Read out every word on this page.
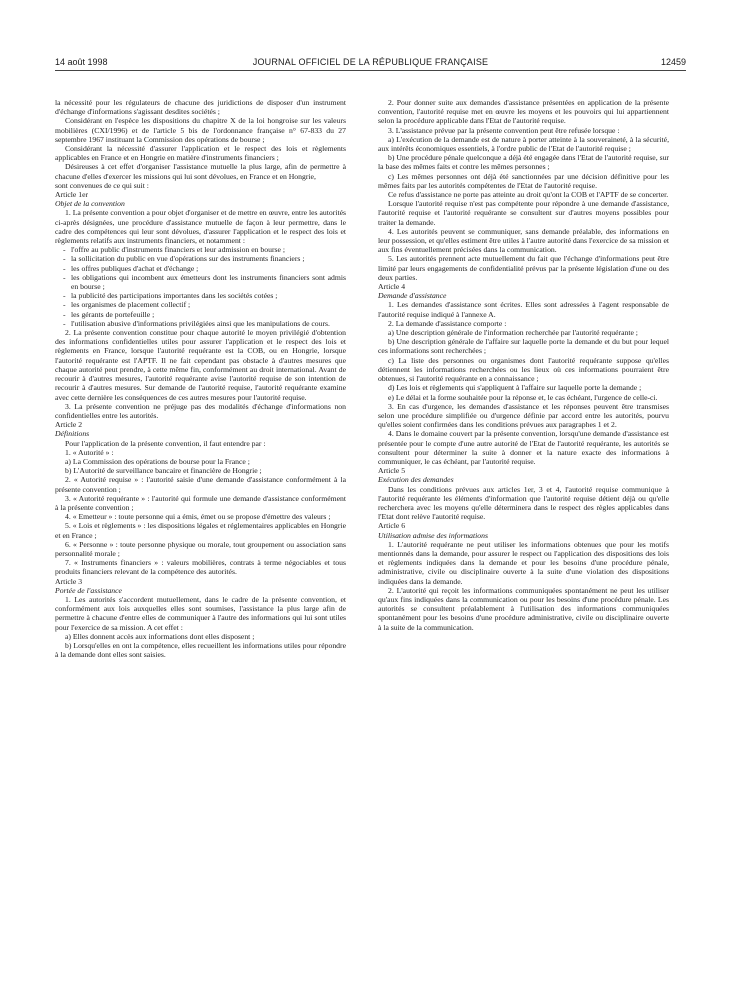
14 août 1998	JOURNAL OFFICIEL DE LA RÉPUBLIQUE FRANÇAISE	12459

la nécessité pour les régulateurs de chacune des juridictions de disposer d'un instrument d'échange d'informations s'agissant desdites sociétés ;

Considérant en l'espèce les dispositions du chapitre X de la loi hongroise sur les valeurs mobilières (CXI/1996) et de l'article 5 bis de l'ordonnance française n° 67-833 du 27 septembre 1967 instituant la Commission des opérations de bourse ;

Considérant la nécessité d'assurer l'application et le respect des lois et règlements applicables en France et en Hongrie en matière d'instruments financiers ;

Désireuses à cet effet d'organiser l'assistance mutuelle la plus large, afin de permettre à chacune d'elles d'exercer les missions qui lui sont dévolues, en France et en Hongrie,

sont convenues de ce qui suit :

Article 1er

Objet de la convention

1. La présente convention a pour objet d'organiser et de mettre en œuvre, entre les autorités ci-après désignées, une procédure d'assistance mutuelle de façon à leur permettre, dans le cadre des compétences qui leur sont dévolues, d'assurer l'application et le respect des lois et règlements relatifs aux instruments financiers, et notamment :

- l'offre au public d'instruments financiers et leur admission en bourse ;

- la sollicitation du public en vue d'opérations sur des instruments financiers ;

- les offres publiques d'achat et d'échange ;

- les obligations qui incombent aux émetteurs dont les instruments financiers sont admis en bourse ;

- la publicité des participations importantes dans les sociétés cotées ;

- les organismes de placement collectif ;

- les gérants de portefeuille ;

- l'utilisation abusive d'informations privilégiées ainsi que les manipulations de cours.

2. La présente convention constitue pour chaque autorité le moyen privilégié d'obtention des informations confidentielles utiles pour assurer l'application et le respect des lois et règlements en France, lorsque l'autorité requérante est la COB, ou en Hongrie, lorsque l'autorité requérante est l'APTF. Il ne fait cependant pas obstacle à d'autres mesures que chaque autorité peut prendre, à cette même fin, conformément au droit international. Avant de recourir à d'autres mesures, l'autorité requérante avise l'autorité requise de son intention de recourir à d'autres mesures. Sur demande de l'autorité requise, l'autorité requérante examine avec cette dernière les conséquences de ces autres mesures pour l'autorité requise.

3. La présente convention ne préjuge pas des modalités d'échange d'informations non confidentielles entre les autorités.

Article 2

Définitions

Pour l'application de la présente convention, il faut entendre par :

1. « Autorité » :

a) La Commission des opérations de bourse pour la France ;

b) L'Autorité de surveillance bancaire et financière de Hongrie ;

2. « Autorité requise » : l'autorité saisie d'une demande d'assistance conformément à la présente convention ;

3. « Autorité requérante » : l'autorité qui formule une demande d'assistance conformément à la présente convention ;

4. « Emetteur » : toute personne qui a émis, émet ou se propose d'émettre des valeurs ;

5. « Lois et règlements » : les dispositions légales et réglementaires applicables en Hongrie et en France ;

6. « Personne » : toute personne physique ou morale, tout groupement ou association sans personnalité morale ;

7. « Instruments financiers » : valeurs mobilières, contrats à terme négociables et tous produits financiers relevant de la compétence des autorités.

Article 3

Portée de l'assistance

1. Les autorités s'accordent mutuellement, dans le cadre de la présente convention, et conformément aux lois auxquelles elles sont soumises, l'assistance la plus large afin de permettre à chacune d'entre elles de communiquer à l'autre des informations qui lui sont utiles pour l'exercice de sa mission. A cet effet :

a) Elles donnent accès aux informations dont elles disposent ;

b) Lorsqu'elles en ont la compétence, elles recueillent les informations utiles pour répondre à la demande dont elles sont saisies.

2. Pour donner suite aux demandes d'assistance présentées en application de la présente convention, l'autorité requise met en œuvre les moyens et les pouvoirs qui lui appartiennent selon la procédure applicable dans l'Etat de l'autorité requise.

3. L'assistance prévue par la présente convention peut être refusée lorsque :

a) L'exécution de la demande est de nature à porter atteinte à la souveraineté, à la sécurité, aux intérêts économiques essentiels, à l'ordre public de l'Etat de l'autorité requise ;

b) Une procédure pénale quelconque a déjà été engagée dans l'Etat de l'autorité requise, sur la base des mêmes faits et contre les mêmes personnes ;

c) Les mêmes personnes ont déjà été sanctionnées par une décision définitive pour les mêmes faits par les autorités compétentes de l'Etat de l'autorité requise.

Ce refus d'assistance ne porte pas atteinte au droit qu'ont la COB et l'APTF de se concerter.

Lorsque l'autorité requise n'est pas compétente pour répondre à une demande d'assistance, l'autorité requise et l'autorité requérante se consultent sur d'autres moyens possibles pour traiter la demande.

4. Les autorités peuvent se communiquer, sans demande préalable, des informations en leur possession, et qu'elles estiment être utiles à l'autre autorité dans l'exercice de sa mission et aux fins éventuellement précisées dans la communication.

5. Les autorités prennent acte mutuellement du fait que l'échange d'informations peut être limité par leurs engagements de confidentialité prévus par la présente législation d'une ou des deux parties.

Article 4

Demande d'assistance

1. Les demandes d'assistance sont écrites. Elles sont adressées à l'agent responsable de l'autorité requise indiqué à l'annexe A.

2. La demande d'assistance comporte :

a) Une description générale de l'information recherchée par l'autorité requérante ;

b) Une description générale de l'affaire sur laquelle porte la demande et du but pour lequel ces informations sont recherchées ;

c) La liste des personnes ou organismes dont l'autorité requérante suppose qu'elles détiennent les informations recherchées ou les lieux où ces informations pourraient être obtenues, si l'autorité requérante en a connaissance ;

d) Les lois et règlements qui s'appliquent à l'affaire sur laquelle porte la demande ;

e) Le délai et la forme souhaitée pour la réponse et, le cas échéant, l'urgence de celle-ci.

3. En cas d'urgence, les demandes d'assistance et les réponses peuvent être transmises selon une procédure simplifiée ou d'urgence définie par accord entre les autorités, pourvu qu'elles soient confirmées dans les conditions prévues aux paragraphes 1 et 2.

4. Dans le domaine couvert par la présente convention, lorsqu'une demande d'assistance est présentée pour le compte d'une autre autorité de l'Etat de l'autorité requérante, les autorités se consultent pour déterminer la suite à donner et la nature exacte des informations à communiquer, le cas échéant, par l'autorité requise.

Article 5

Exécution des demandes

Dans les conditions prévues aux articles 1er, 3 et 4, l'autorité requise communique à l'autorité requérante les éléments d'information que l'autorité requise détient déjà ou qu'elle recherchera avec les moyens qu'elle déterminera dans le respect des règles applicables dans l'Etat dont relève l'autorité requise.

Article 6

Utilisation admise des informations

1. L'autorité requérante ne peut utiliser les informations obtenues que pour les motifs mentionnés dans la demande, pour assurer le respect ou l'application des dispositions des lois et règlements indiquées dans la demande et pour les besoins d'une procédure pénale, administrative, civile ou disciplinaire ouverte à la suite d'une violation des dispositions indiquées dans la demande.

2. L'autorité qui reçoit les informations communiquées spontanément ne peut les utiliser qu'aux fins indiquées dans la communication ou pour les besoins d'une procédure pénale. Les autorités se consultent préalablement à l'utilisation des informations communiquées spontanément pour les besoins d'une procédure administrative, civile ou disciplinaire ouverte à la suite de la communication.
